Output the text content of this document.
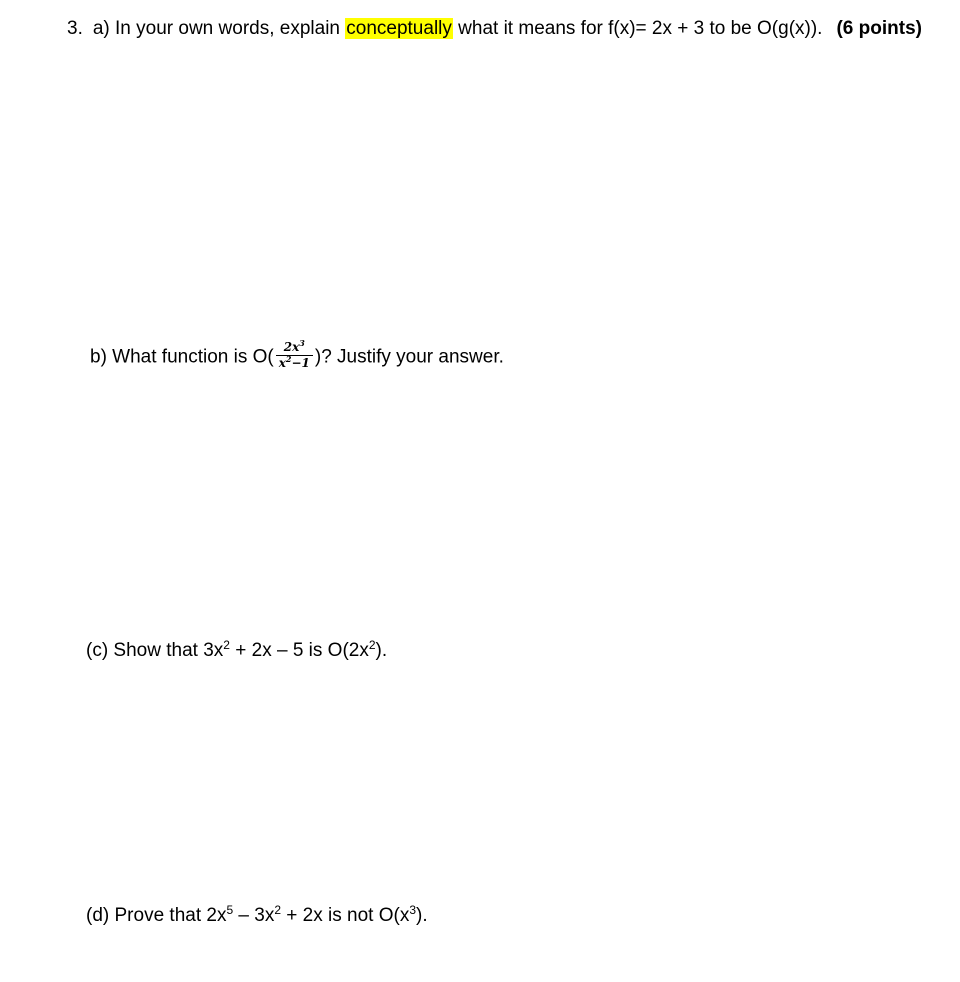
3. a) In your own words, explain conceptually what it means for f(x)= 2x + 3 to be O(g(x)). (6 points)
b) What function is $O( \frac{2x^3}{x^2-1}$ )? Justify your answer.
(c) Show that $3x^2 + 2x - 5$ is $O(2x^2)$.
(d) Prove that $2x^5 - 3x^2 + 2x$ is not $O(x^3)$.
